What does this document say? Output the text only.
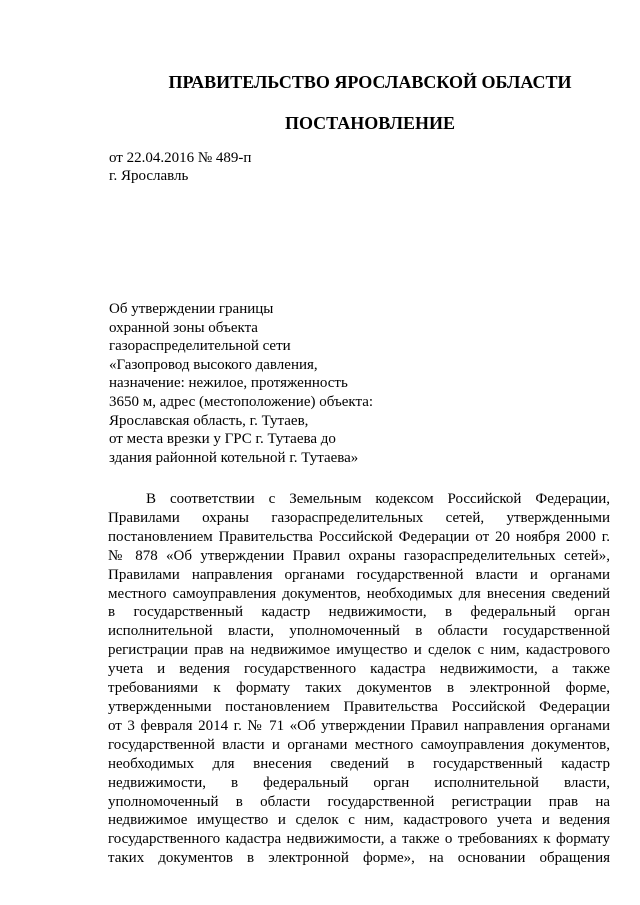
ПРАВИТЕЛЬСТВО ЯРОСЛАВСКОЙ ОБЛАСТИ
ПОСТАНОВЛЕНИЕ
от 22.04.2016 № 489-п
г. Ярославль
Об утверждении границы
охранной зоны объекта
газораспределительной сети
«Газопровод высокого давления,
назначение: нежилое, протяженность
3650 м, адрес (местоположение) объекта:
Ярославская область, г. Тутаев,
от места врезки у ГРС г. Тутаева до
здания районной котельной г. Тутаева»
В соответствии с Земельным кодексом Российской Федерации,
Правилами охраны газораспределительных сетей, утвержденными
постановлением Правительства Российской Федерации от 20 ноября 2000 г.
№ 878 «Об утверждении Правил охраны газораспределительных сетей»,
Правилами направления органами государственной власти и органами
местного самоуправления документов, необходимых для внесения сведений
в государственный кадастр недвижимости, в федеральный орган
исполнительной власти, уполномоченный в области государственной
регистрации прав на недвижимое имущество и сделок с ним, кадастрового
учета и ведения государственного кадастра недвижимости, а также
требованиями к формату таких документов в электронной форме,
утвержденными постановлением Правительства Российской Федерации
от 3 февраля 2014 г. № 71 «Об утверждении Правил направления органами
государственной власти и органами местного самоуправления документов,
необходимых для внесения сведений в государственный кадастр
недвижимости, в федеральный орган исполнительной власти,
уполномоченный в области государственной регистрации прав на
недвижимое имущество и сделок с ним, кадастрового учета и ведения
государственного кадастра недвижимости, а также о требованиях к формату
таких документов в электронной форме», на основании обращения
